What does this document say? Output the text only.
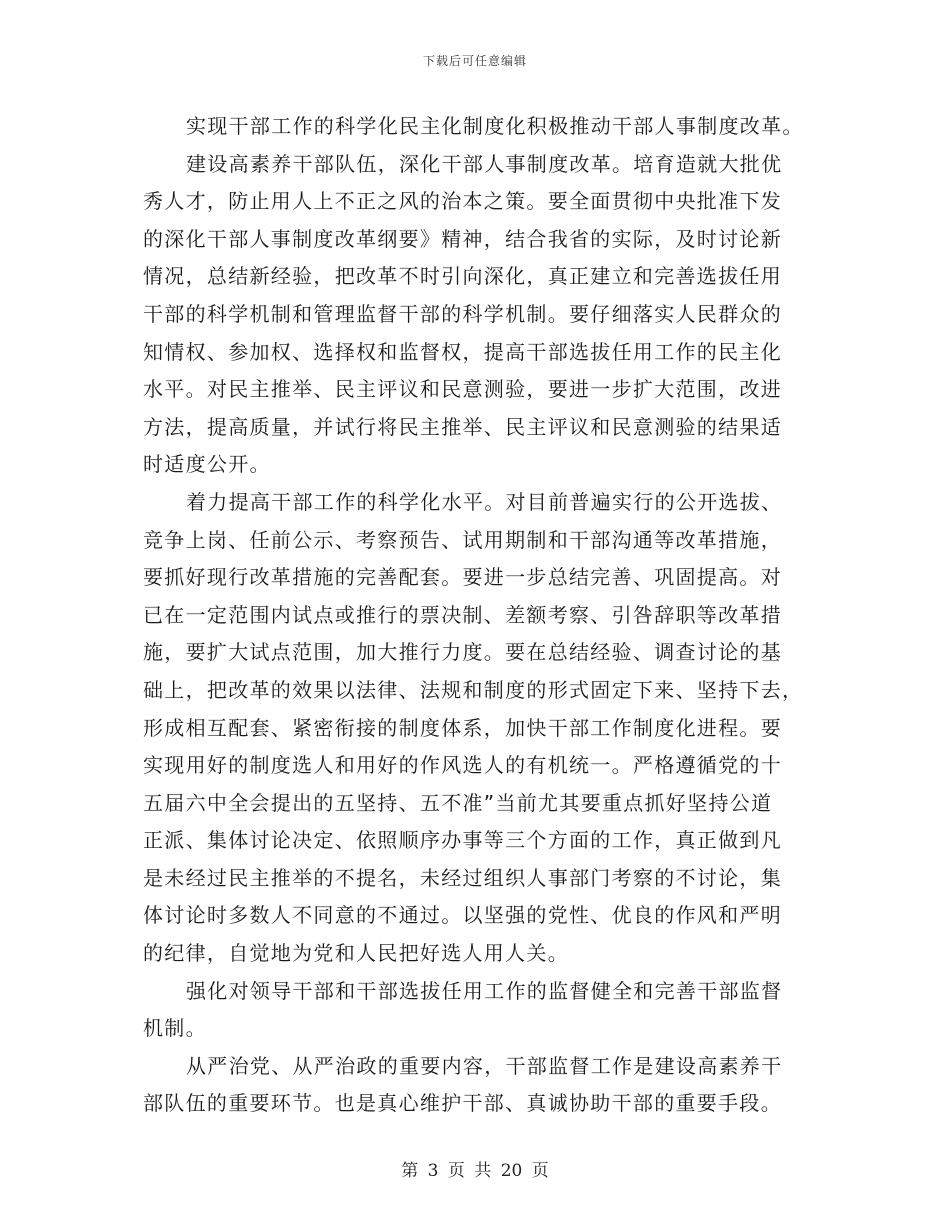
下载后可任意编辑
实现干部工作的科学化民主化制度化积极推动干部人事制度改革。
建设高素养干部队伍，深化干部人事制度改革。培育造就大批优
秀人才，防止用人上不正之风的治本之策。要全面贯彻中央批准下发
的深化干部人事制度改革纲要》精神，结合我省的实际，及时讨论新
情况，总结新经验，把改革不时引向深化，真正建立和完善选拔任用
干部的科学机制和管理监督干部的科学机制。要仔细落实人民群众的
知情权、参加权、选择权和监督权，提高干部选拔任用工作的民主化
水平。对民主推举、民主评议和民意测验，要进一步扩大范围，改进
方法，提高质量，并试行将民主推举、民主评议和民意测验的结果适
时适度公开。
着力提高干部工作的科学化水平。对目前普遍实行的公开选拔、
竞争上岗、任前公示、考察预告、试用期制和干部沟通等改革措施，
要抓好现行改革措施的完善配套。要进一步总结完善、巩固提高。对
已在一定范围内试点或推行的票决制、差额考察、引咎辞职等改革措
施，要扩大试点范围，加大推行力度。要在总结经验、调查讨论的基
础上，把改革的效果以法律、法规和制度的形式固定下来、坚持下去，
形成相互配套、紧密衔接的制度体系，加快干部工作制度化进程。要
实现用好的制度选人和用好的作风选人的有机统一。严格遵循党的十
五届六中全会提出的五坚持、五不准”当前尤其要重点抓好坚持公道
正派、集体讨论决定、依照顺序办事等三个方面的工作，真正做到凡
是未经过民主推举的不提名，未经过组织人事部门考察的不讨论，集
体讨论时多数人不同意的不通过。以坚强的党性、优良的作风和严明
的纪律，自觉地为党和人民把好选人用人关。
强化对领导干部和干部选拔任用工作的监督健全和完善干部监督
机制。
从严治党、从严治政的重要内容，干部监督工作是建设高素养干
部队伍的重要环节。也是真心维护干部、真诚协助干部的重要手段。
第 3 页 共 20 页
